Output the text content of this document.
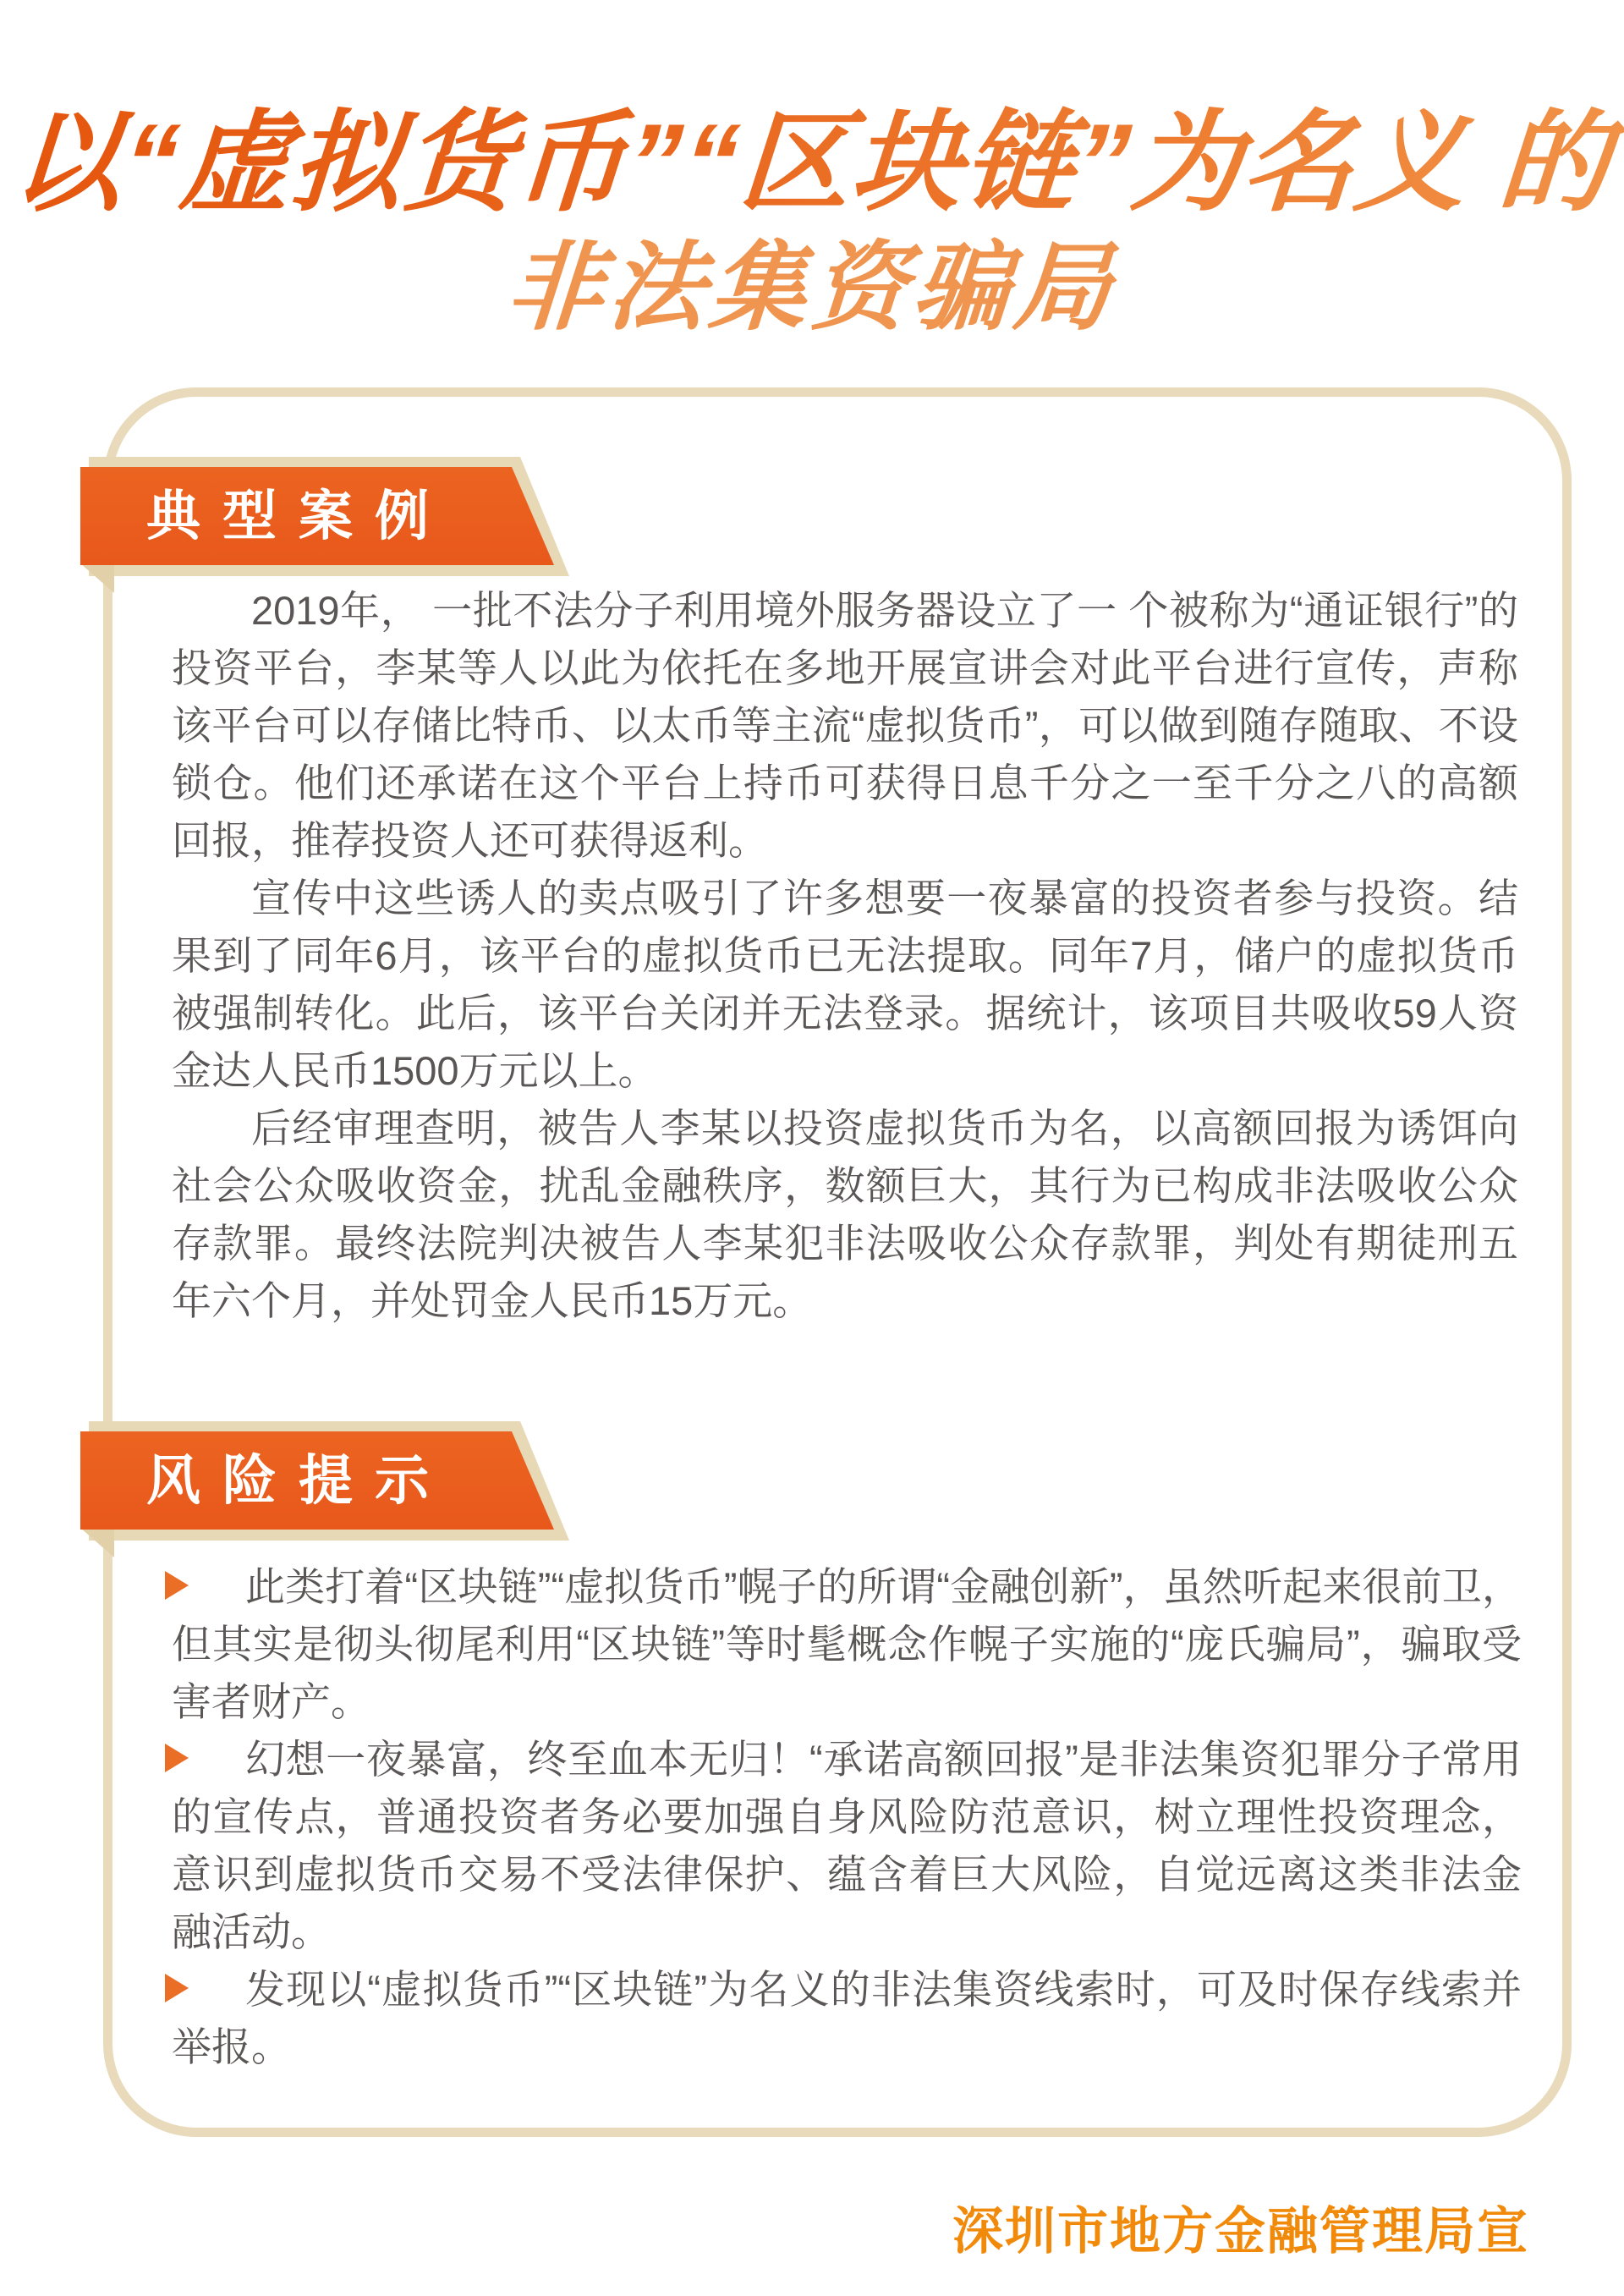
以“虚拟货币”“区块链”为名义 的
非法集资骗局
典型案例

2019年， 一批不法分子利用境外服务器设立了一 个被称为“通证银行”的投资平台，李某等人以此为依托在多地开展宣讲会对此平台进行宣传，声称该平台可以存储比特币、以太币等主流“虚拟货币”，可以做到随存随取、不设锁仓。他们还承诺在这个平台上持币可获得日息千分之一至千分之八的高额回报，推荐投资人还可获得返利。

宣传中这些诱人的卖点吸引了许多想要一夜暴富的投资者参与投资。结果到了同年6月，该平台的虚拟货币已无法提取。同年7月，储户的虚拟货币被强制转化。此后，该平台关闭并无法登录。据统计，该项目共吸收59人资金达人民币1500万元以上。

后经审理查明，被告人李某以投资虚拟货币为名，以高额回报为诱饵向社会公众吸收资金，扰乱金融秩序，数额巨大，其行为已构成非法吸收公众存款罪。最终法院判决被告人李某犯非法吸收公众存款罪，判处有期徒刑五年六个月，并处罚金人民币15万元。

风险提示

此类打着“区块链”“虚拟货币”幌子的所谓“金融创新”，虽然听起来很前卫，但其实是彻头彻尾利用“区块链”等时髦概念作幌子实施的“庞氏骗局”，骗取受害者财产。

幻想一夜暴富，终至血本无归！“承诺高额回报”是非法集资犯罪分子常用的宣传点，普通投资者务必要加强自身风险防范意识，树立理性投资理念，意识到虚拟货币交易不受法律保护、蕴含着巨大风险，自觉远离这类非法金融活动。

发现以“虚拟货币”“区块链”为名义的非法集资线索时，可及时保存线索并举报。

深圳市地方金融管理局宣
